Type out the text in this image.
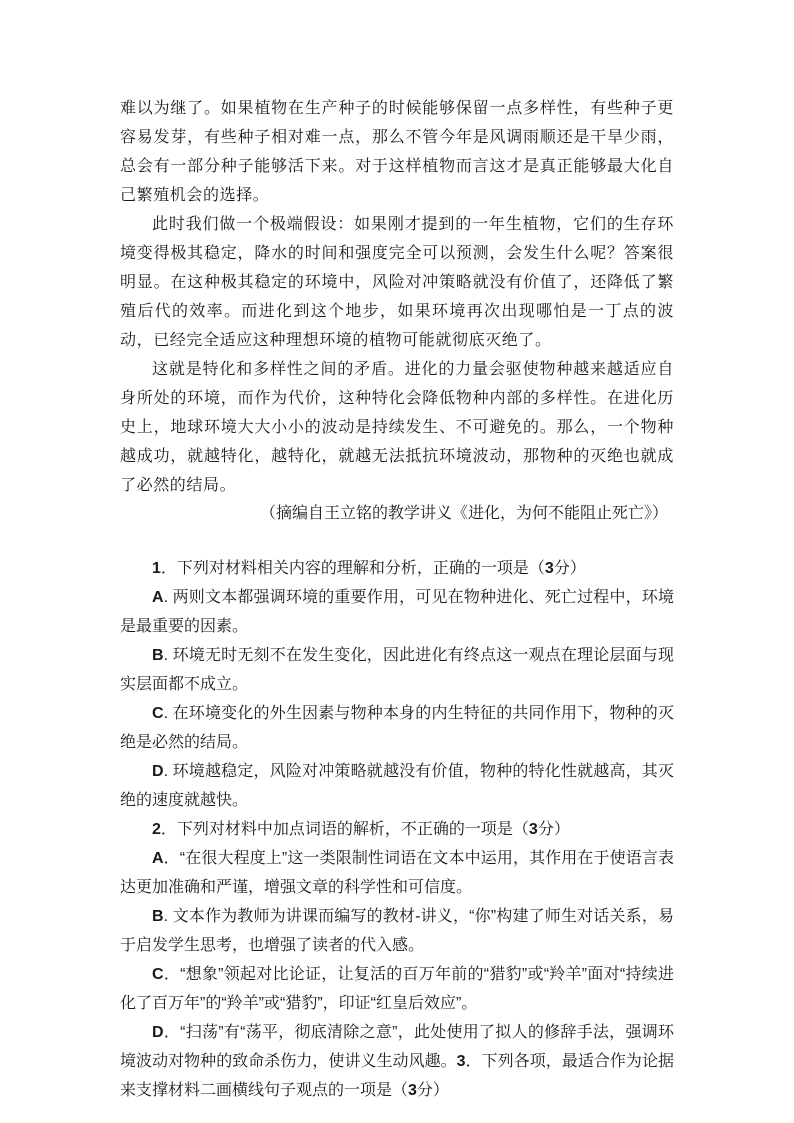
难以为继了。如果植物在生产种子的时候能够保留一点多样性，有些种子更容易发芽，有些种子相对难一点，那么不管今年是风调雨顺还是干旱少雨，总会有一部分种子能够活下来。对于这样植物而言这才是真正能够最大化自己繁殖机会的选择。

此时我们做一个极端假设：如果刚才提到的一年生植物，它们的生存环境变得极其稳定，降水的时间和强度完全可以预测，会发生什么呢？答案很明显。在这种极其稳定的环境中，风险对冲策略就没有价值了，还降低了繁殖后代的效率。而进化到这个地步，如果环境再次出现哪怕是一丁点的波动，已经完全适应这种理想环境的植物可能就彻底灭绝了。

这就是特化和多样性之间的矛盾。进化的力量会驱使物种越来越适应自身所处的环境，而作为代价，这种特化会降低物种内部的多样性。在进化历史上，地球环境大大小小的波动是持续发生、不可避免的。那么，一个物种越成功，就越特化，越特化，就越无法抵抗环境波动，那物种的灭绝也就成了必然的结局。

（摘编自王立铭的教学讲义《进化，为何不能阻止死亡》）

1．下列对材料相关内容的理解和分析，正确的一项是（3分）

A. 两则文本都强调环境的重要作用，可见在物种进化、死亡过程中，环境是最重要的因素。

B. 环境无时无刻不在发生变化，因此进化有终点这一观点在理论层面与现实层面都不成立。

C. 在环境变化的外生因素与物种本身的内生特征的共同作用下，物种的灭绝是必然的结局。

D. 环境越稳定，风险对冲策略就越没有价值，物种的特化性就越高，其灭绝的速度就越快。

2．下列对材料中加点词语的解析，不正确的一项是（3分）

A．“在很大程度上”这一类限制性词语在文本中运用，其作用在于使语言表达更加准确和严谨，增强文章的科学性和可信度。

B. 文本作为教师为讲课而编写的教材-讲义，“你”构建了师生对话关系，易于启发学生思考，也增强了读者的代入感。

C．“想象”领起对比论证，让复活的百万年前的“猎豹”或“羚羊”面对“持续进化了百万年”的“羚羊”或“猎豹”，印证“红皇后效应”。

D．“扫荡”有“荡平，彻底清除之意”，此处使用了拟人的修辞手法，强调环境波动对物种的致命杀伤力，使讲义生动风趣。3．下列各项，最适合作为论据来支撑材料二画横线句子观点的一项是（3分）
